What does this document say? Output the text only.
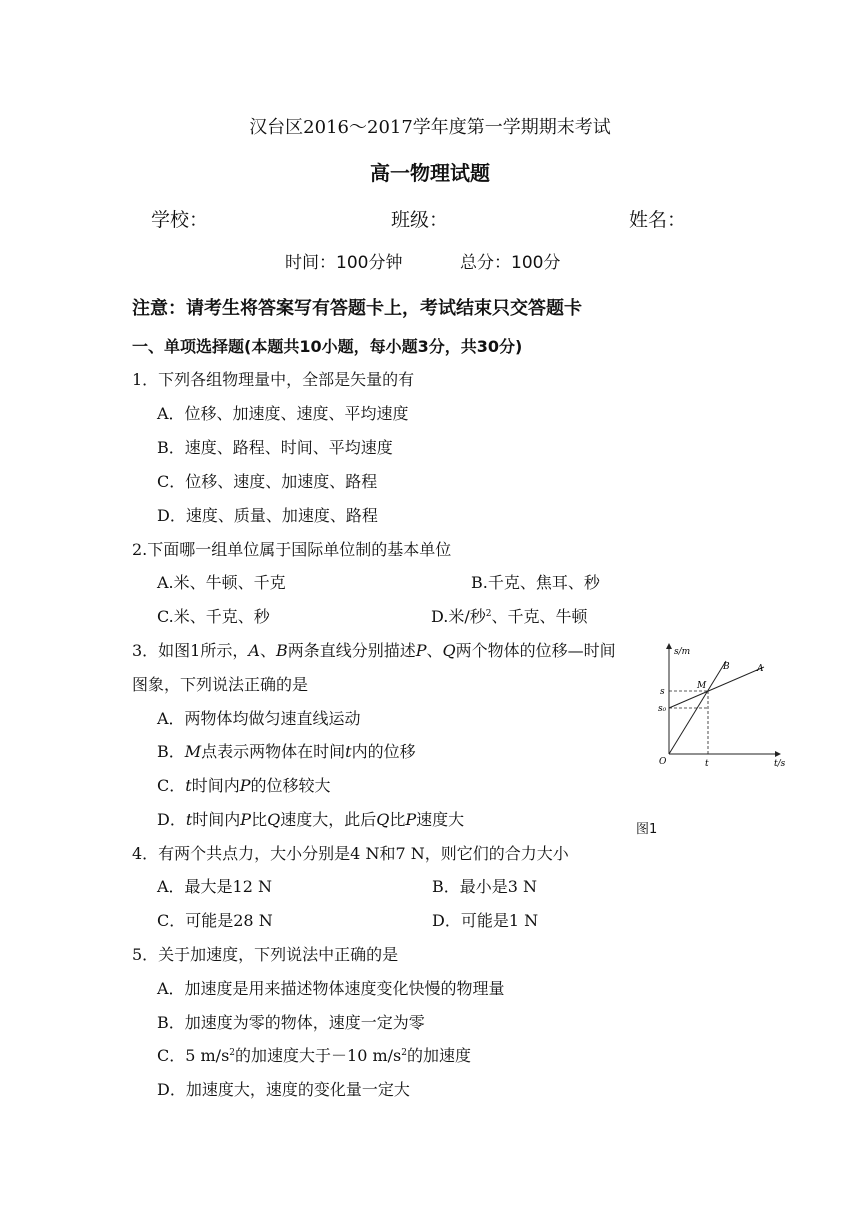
汉台区2016～2017学年度第一学期期末考试
高一物理试题
学校：	班级：	姓名：
时间：100分钟	总分：100分
注意：请考生将答案写有答题卡上，考试结束只交答题卡
一、单项选择题(本题共10小题，每小题3分，共30分)
1．下列各组物理量中，全部是矢量的有
A．位移、加速度、速度、平均速度
B．速度、路程、时间、平均速度
C．位移、速度、加速度、路程
D．速度、质量、加速度、路程
2.下面哪一组单位属于国际单位制的基本单位
A.米、牛顿、千克	B.千克、焦耳、秒
C.米、千克、秒	D.米/秒$^2$、千克、牛顿
3．如图1所示，A、B两条直线分别描述P、Q两个物体的位移—时间
图象，下列说法正确的是
A．两物体均做匀速直线运动
B．M点表示两物体在时间t内的位移
C．t时间内P的位移较大
D．t时间内P比Q速度大，此后Q比P速度大
s/m
t/s
O
s
s₀
t
M
B	A
图1
4．有两个共点力，大小分别是4 N和7 N，则它们的合力大小
A．最大是12 N	B．最小是3 N
C．可能是28 N	D．可能是1 N
5．关于加速度，下列说法中正确的是
A．加速度是用来描述物体速度变化快慢的物理量
B．加速度为零的物体，速度一定为零
C．5 $m/s^2$的加速度大于－10 $m/s^2$的加速度
D．加速度大，速度的变化量一定大
